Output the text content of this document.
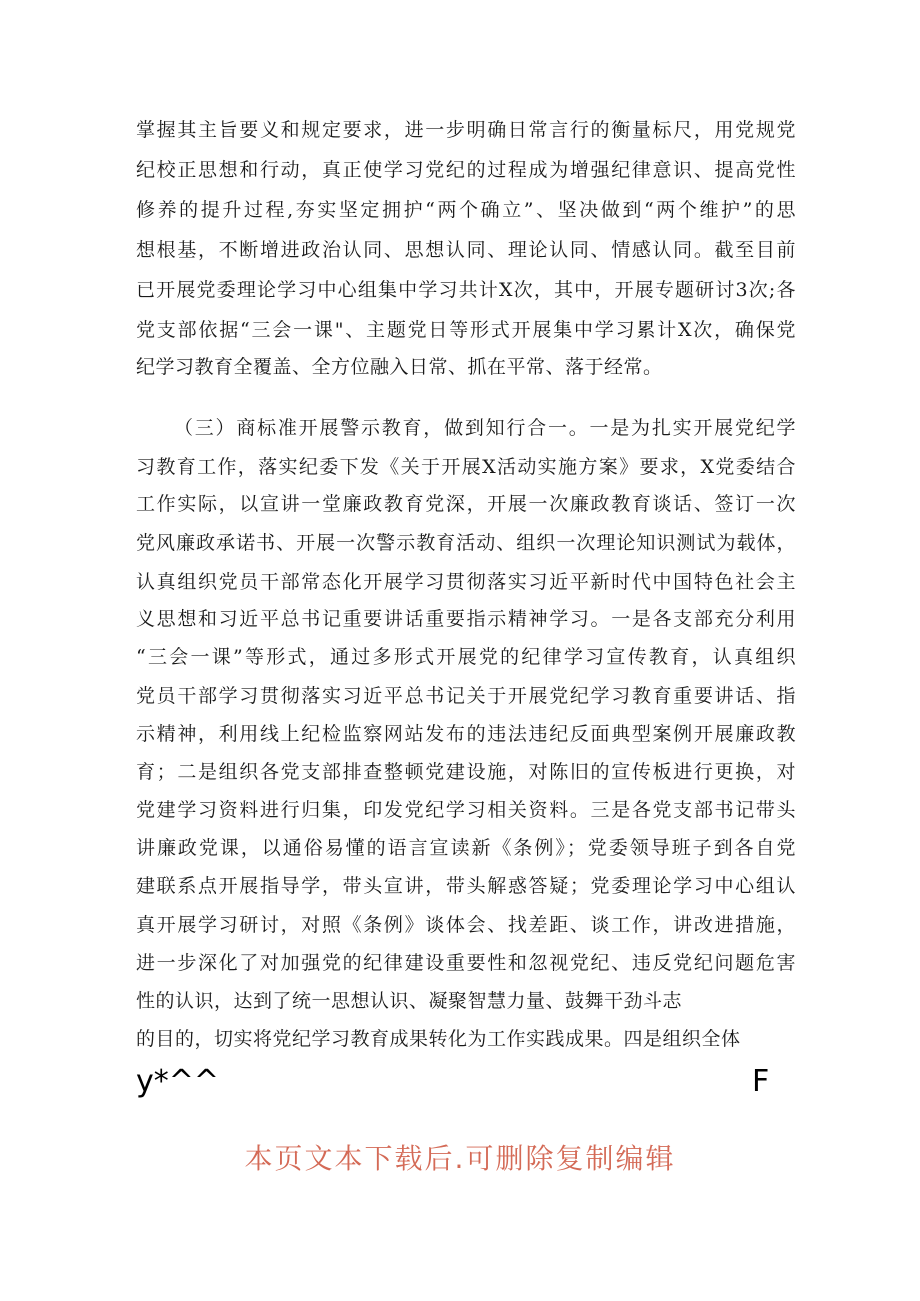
掌握其主旨要义和规定要求，进一步明确日常言行的衡量标尺，用党规党
纪校正思想和行动，真正使学习党纪的过程成为增强纪律意识、提高党性
修养的提升过程,夯实坚定拥护“两个确立”、坚决做到“两个维护”的思
想根基，不断增进政治认同、思想认同、理论认同、情感认同。截至目前
已开展党委理论学习中心组集中学习共计X次，其中，开展专题研讨3次;各
党支部依据“三会一课"、主题党日等形式开展集中学习累计X次，确保党
纪学习教育全覆盖、全方位融入日常、抓在平常、落于经常。
（三）商标准开展警示教育，做到知行合一。一是为扎实开展党纪学
习教育工作，落实纪委下发《关于开展X活动实施方案》要求，X党委结合
工作实际，以宣讲一堂廉政教育党深，开展一次廉政教育谈话、签订一次
党风廉政承诺书、开展一次警示教育活动、组织一次理论知识测试为载体，
认真组织党员干部常态化开展学习贯彻落实习近平新时代中国特色社会主
义思想和习近平总书记重要讲话重要指示精神学习。一是各支部充分利用
“三会一课”等形式，通过多形式开展党的纪律学习宣传教育，认真组织
党员干部学习贯彻落实习近平总书记关于开展党纪学习教育重要讲话、指
示精神，利用线上纪检监察网站发布的违法违纪反面典型案例开展廉政教
育；二是组织各党支部排查整顿党建设施，对陈旧的宣传板进行更换，对
党建学习资料进行归集，印发党纪学习相关资料。三是各党支部书记带头
讲廉政党课，以通俗易懂的语言宣读新《条例》；党委领导班子到各自党
建联系点开展指导学，带头宣讲，带头解惑答疑；党委理论学习中心组认
真开展学习研讨，对照《条例》谈体会、找差距、谈工作，讲改进措施，
进一步深化了对加强党的纪律建设重要性和忽视党纪、违反党纪问题危害
性的认识，达到了统一思想认识、凝聚智慧力量、鼓舞干劲斗志
的目的，切实将党纪学习教育成果转化为工作实践成果。四是组织全体
y*^^	F
本页文本下载后.可删除复制编辑
